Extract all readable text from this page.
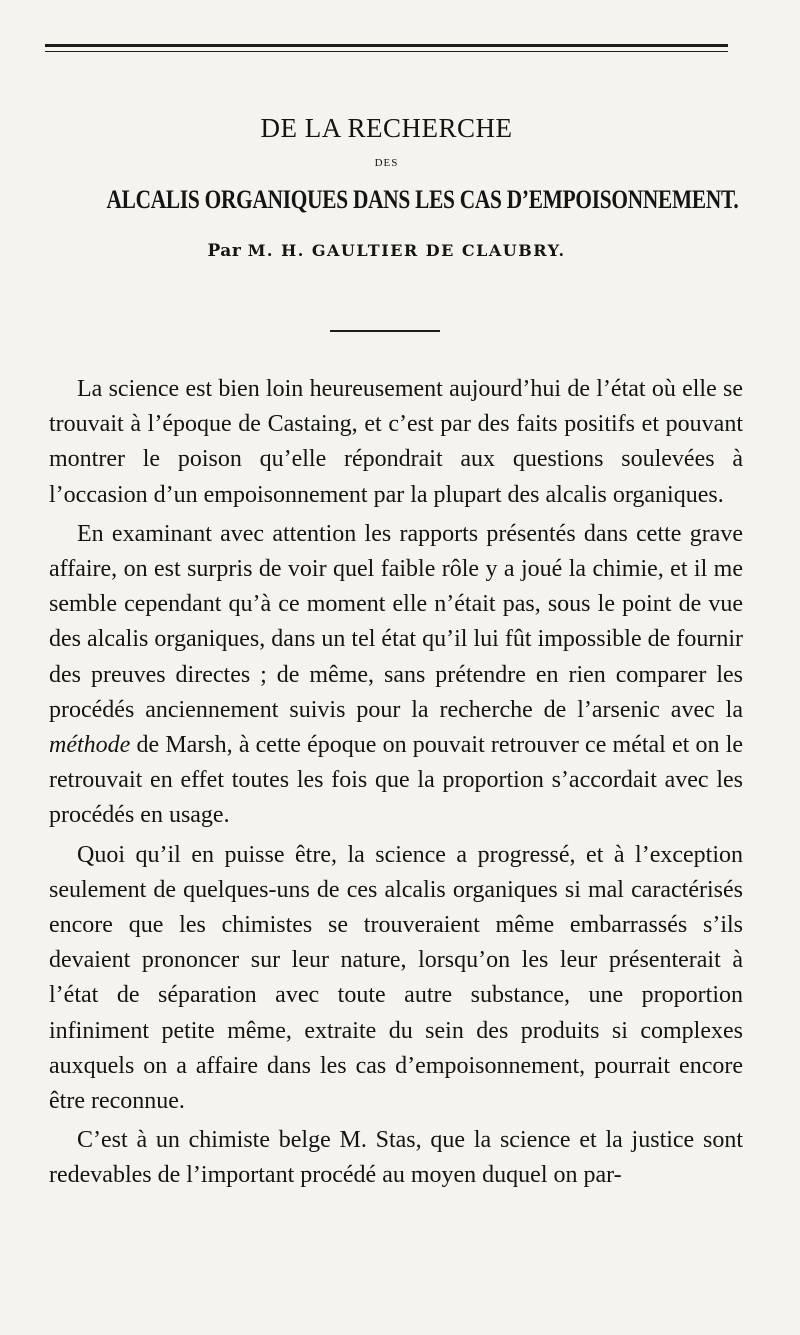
DE LA RECHERCHE
DES
ALCALIS ORGANIQUES DANS LES CAS D’EMPOISONNEMENT.
Par M. H. GAULTIER DE CLAUBRY.

La science est bien loin heureusement aujourd’hui de l’état où elle se trouvait à l’époque de Castaing, et c’est par des faits positifs et pouvant montrer le poison qu’elle répondrait aux questions soulevées à l’occasion d’un empoisonnement par la plupart des alcalis organiques.

En examinant avec attention les rapports présentés dans cette grave affaire, on est surpris de voir quel faible rôle y a joué la chimie, et il me semble cependant qu’à ce moment elle n’était pas, sous le point de vue des alcalis organiques, dans un tel état qu’il lui fût impossible de fournir des preuves directes ; de même, sans prétendre en rien comparer les procédés anciennement suivis pour la recherche de l’arsenic avec la méthode de Marsh, à cette époque on pouvait retrouver ce métal et on le retrouvait en effet toutes les fois que la proportion s’accordait avec les procédés en usage.

Quoi qu’il en puisse être, la science a progressé, et à l’exception seulement de quelques-uns de ces alcalis organiques si mal caractérisés encore que les chimistes se trouveraient même embarrassés s’ils devaient prononcer sur leur nature, lorsqu’on les leur présenterait à l’état de séparation avec toute autre substance, une proportion infiniment petite même, extraite du sein des produits si complexes auxquels on a affaire dans les cas d’empoisonnement, pourrait encore être reconnue.

C’est à un chimiste belge M. Stas, que la science et la justice sont redevables de l’important procédé au moyen duquel on par-
